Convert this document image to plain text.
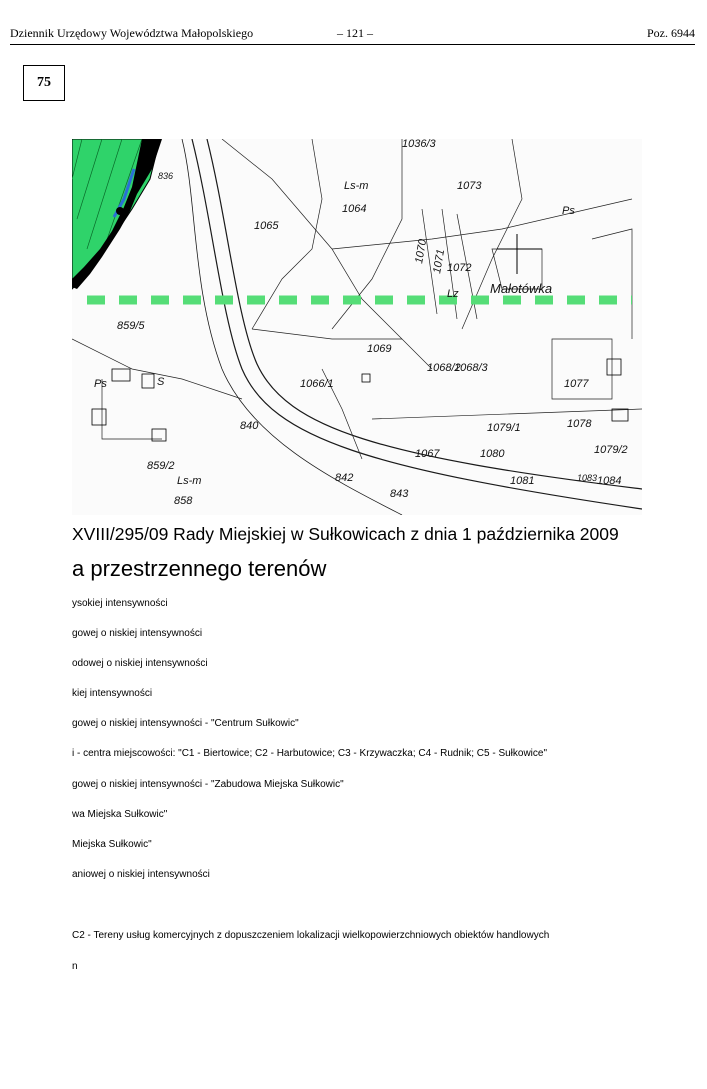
Dziennik Urzędowy Województwa Małopolskiego	– 121 –	Poz. 6944
75
1036/3
1073
Ls-m
1064
1065
Ps
1070 1071 1072
Małotówka
Lz
859/5
1069
1066/1
1068/2
1068/3
1077
1078
1079/1
1080	1079/2
840
1067
1081
842
843
858
859/2
Ls-m	1084
1083
836
Ps	S
XVIII/295/09 Rady Miejskiej w Sułkowicach z dnia 1 października 2009
a przestrzennego terenów
ysokiej intensywności
gowej o niskiej intensywności
odowej o niskiej intensywności
kiej intensywności
gowej o niskiej intensywności - "Centrum Sułkowic"
i - centra miejscowości: "C1 - Biertowice; C2 - Harbutowice; C3 - Krzywaczka; C4 - Rudnik; C5 - Sułkowice"
gowej o niskiej intensywności - "Zabudowa Miejska Sułkowic"
wa Miejska Sułkowic"
Miejska Sułkowic"
aniowej o niskiej intensywności
C2 - Tereny usług komercyjnych z dopuszczeniem lokalizacji wielkopowierzchniowych obiektów handlowych
n
